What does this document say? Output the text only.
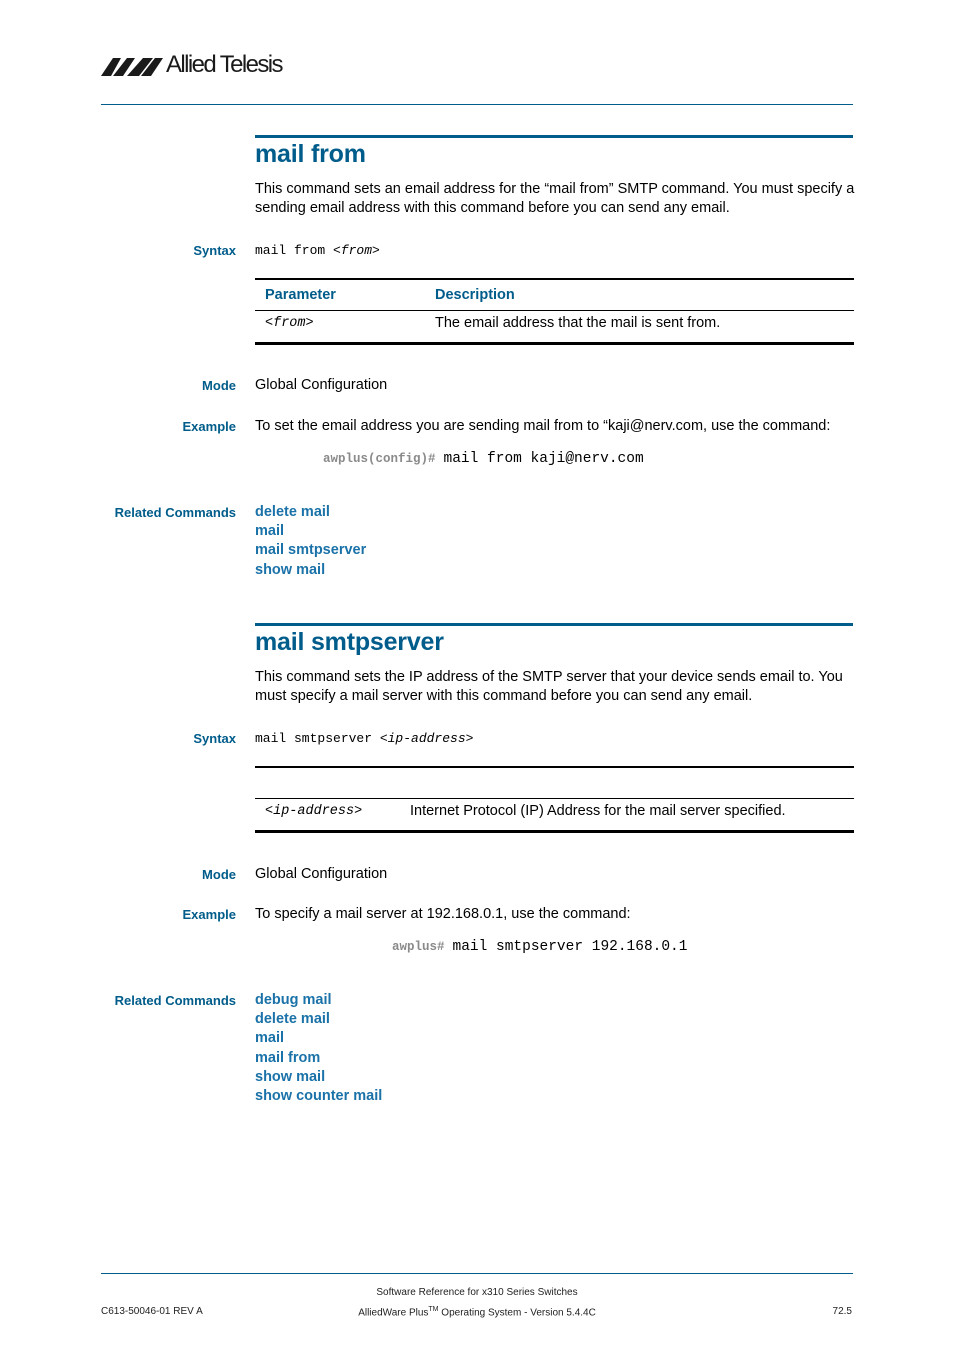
Allied Telesis
mail from
This command sets an email address for the “mail from” SMTP command. You must specify a sending email address with this command before you can send any email.
Syntax mail from <from>
Parameter	Description
<from>	The email address that the mail is sent from.
Mode Global Configuration
Example To set the email address you are sending mail from to “kaji@nerv.com, use the command:
awplus(config)# mail from kaji@nerv.com
Related Commands delete mail
mail
mail smtpserver
show mail
mail smtpserver
This command sets the IP address of the SMTP server that your device sends email to. You must specify a mail server with this command before you can send any email.
Syntax mail smtpserver <ip-address>
<ip-address>	Internet Protocol (IP) Address for the mail server specified.
Mode Global Configuration
Example To specify a mail server at 192.168.0.1, use the command:
awplus# mail smtpserver 192.168.0.1
Related Commands debug mail
delete mail
mail
mail from
show mail
show counter mail
Software Reference for x310 Series Switches
C613-50046-01 REV A	AlliedWare Plus™ Operating System - Version 5.4.4C	72.5
